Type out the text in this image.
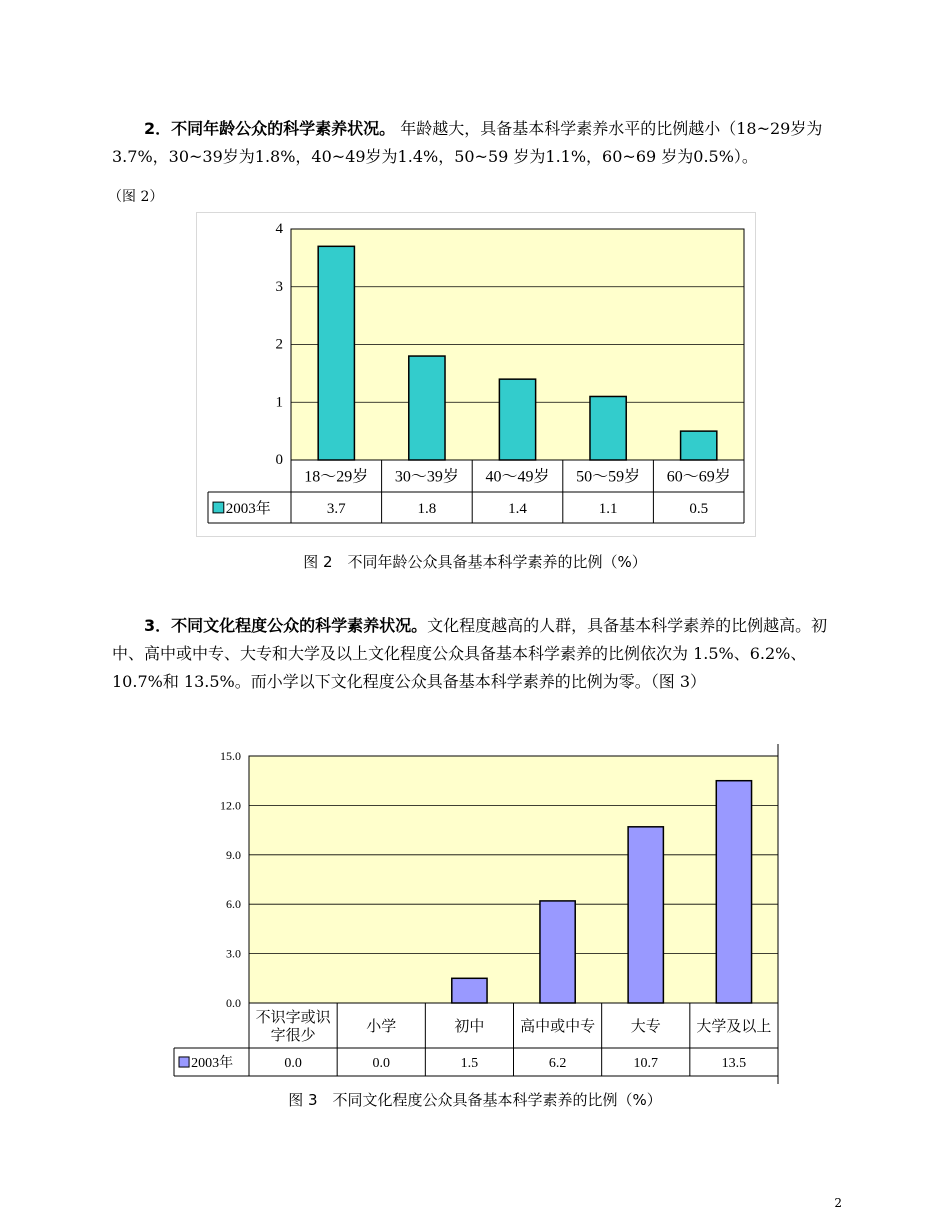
2．不同年龄公众的科学素养状况。 年龄越大，具备基本科学素养水平的比例越小（18~29岁为3.7%，30~39岁为1.8%，40~49岁为1.4%，50~59 岁为1.1%，60~69 岁为0.5%）。

（图 2）
0
1
2
3
4
18～29岁
3.7
30～39岁
1.8
40～49岁
1.4
50～59岁
1.1
60～69岁
0.5
2003年
图 2　不同年龄公众具备基本科学素养的比例（%）

3．不同文化程度公众的科学素养状况。文化程度越高的人群，具备基本科学素养的比例越高。初中、高中或中专、大专和大学及以上文化程度公众具备基本科学素养的比例依次为 1.5%、6.2%、10.7%和 13.5%。而小学以下文化程度公众具备基本科学素养的比例为零。（图 3）

0.0
3.0
6.0
9.0
12.0
15.0
不识字或识字很少
0.0
小学
0.0
初中
1.5
高中或中专
6.2
大专
10.7
大学及以上
13.5
2003年
图 3　不同文化程度公众具备基本科学素养的比例（%）
2
